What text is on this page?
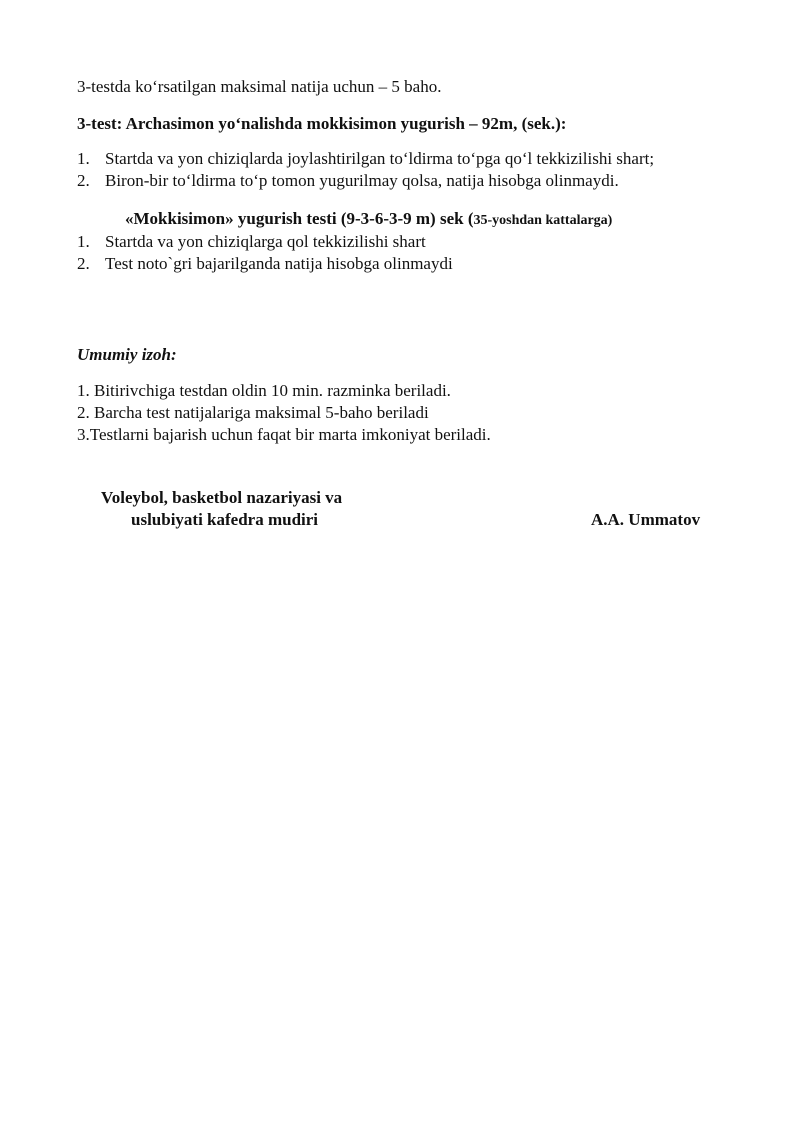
3-testda ko‘rsatilgan maksimal natija uchun – 5 baho.
3-test: Archasimon yo‘nalishda mokkisimon yugurish – 92m, (sek.):
1. Startda va yon chiziqlarda joylashtirilgan to‘ldirma to‘pga qo‘l tekkizilishi shart;
2. Biron-bir to‘ldirma to‘p tomon yugurilmay qolsa, natija hisobga olinmaydi.
«Mokkisimon» yugurish testi (9-3-6-3-9 m) sek (35-yoshdan kattalarga)
1. Startda va yon chiziqlarga qol tekkizilishi shart
2. Test noto`gri bajarilganda natija hisobga olinmaydi
Umumiy izoh:
1. Bitirivchiga testdan oldin 10 min. razminka beriladi.
2. Barcha test natijalariga maksimal 5-baho beriladi
3.Testlarni bajarish uchun faqat bir marta imkoniyat beriladi.
Voleybol, basketbol nazariyasi va
uslubiyati kafedra mudiri	A.A. Ummatov
